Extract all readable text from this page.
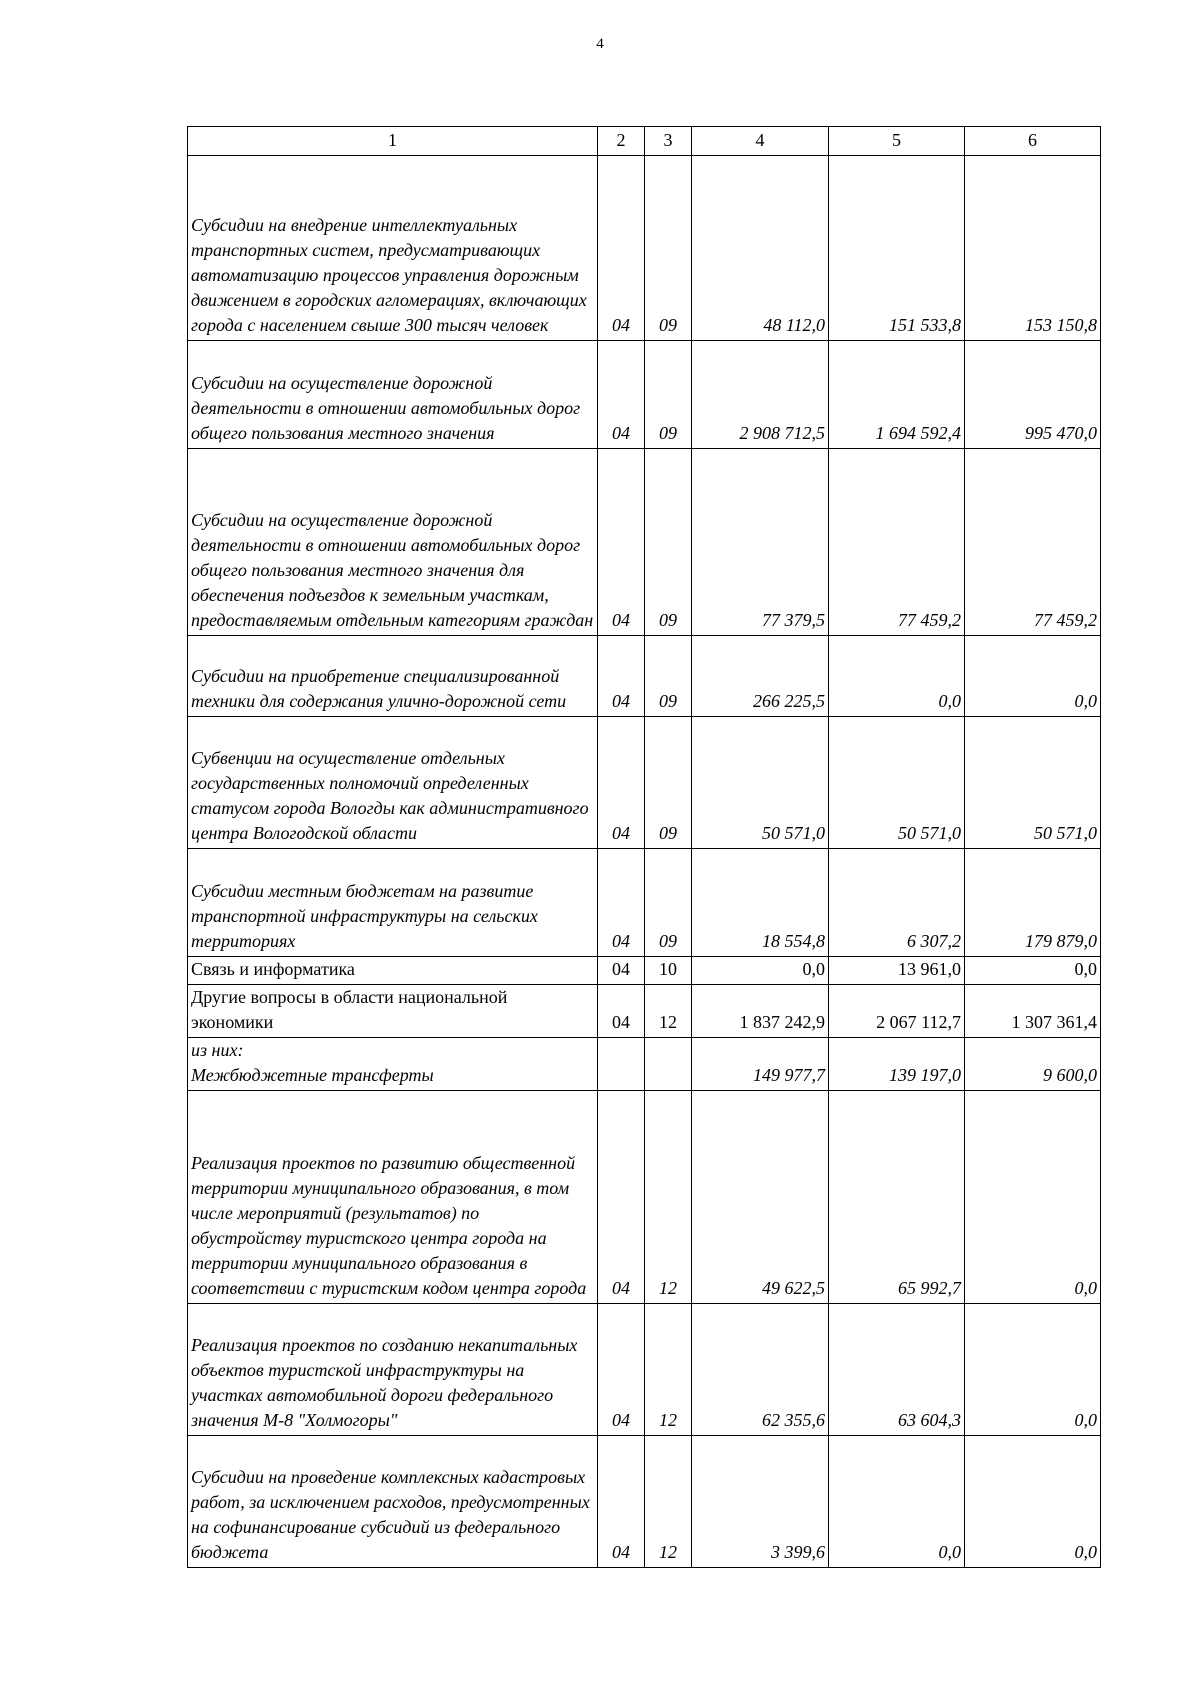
4
1	2	3	4	5	6
Субсидии на внедрение интеллектуальных транспортных систем, предусматривающих автоматизацию процессов управления дорожным движением в городских агломерациях, включающих города с населением свыше 300 тысяч человек	04	09	48 112,0	151 533,8	153 150,8
Субсидии на осуществление дорожной деятельности в отношении автомобильных дорог общего пользования местного значения	04	09	2 908 712,5	1 694 592,4	995 470,0
Субсидии на осуществление дорожной деятельности в отношении автомобильных дорог общего пользования местного значения для обеспечения подъездов к земельным участкам, предоставляемым отдельным категориям граждан	04	09	77 379,5	77 459,2	77 459,2
Субсидии на приобретение специализированной техники для содержания улично-дорожной сети	04	09	266 225,5	0,0	0,0
Субвенции на осуществление отдельных государственных полномочий определенных статусом города Вологды как административного центра Вологодской области	04	09	50 571,0	50 571,0	50 571,0
Субсидии местным бюджетам на развитие транспортной инфраструктуры на сельских территориях	04	09	18 554,8	6 307,2	179 879,0
Связь и информатика	04	10	0,0	13 961,0	0,0
Другие вопросы в области национальной экономики	04	12	1 837 242,9	2 067 112,7	1 307 361,4
из них:
Межбюджетные трансферты			149 977,7	139 197,0	9 600,0
Реализация проектов по развитию общественной территории муниципального образования, в том числе мероприятий (результатов) по обустройству туристского центра города на территории муниципального образования в соответствии с туристским кодом центра города	04	12	49 622,5	65 992,7	0,0
Реализация проектов по созданию некапитальных объектов туристской инфраструктуры на участках автомобильной дороги федерального значения М-8 "Холмогоры"	04	12	62 355,6	63 604,3	0,0
Субсидии на проведение комплексных кадастровых работ, за исключением расходов, предусмотренных на софинансирование субсидий из федерального бюджета	04	12	3 399,6	0,0	0,0
